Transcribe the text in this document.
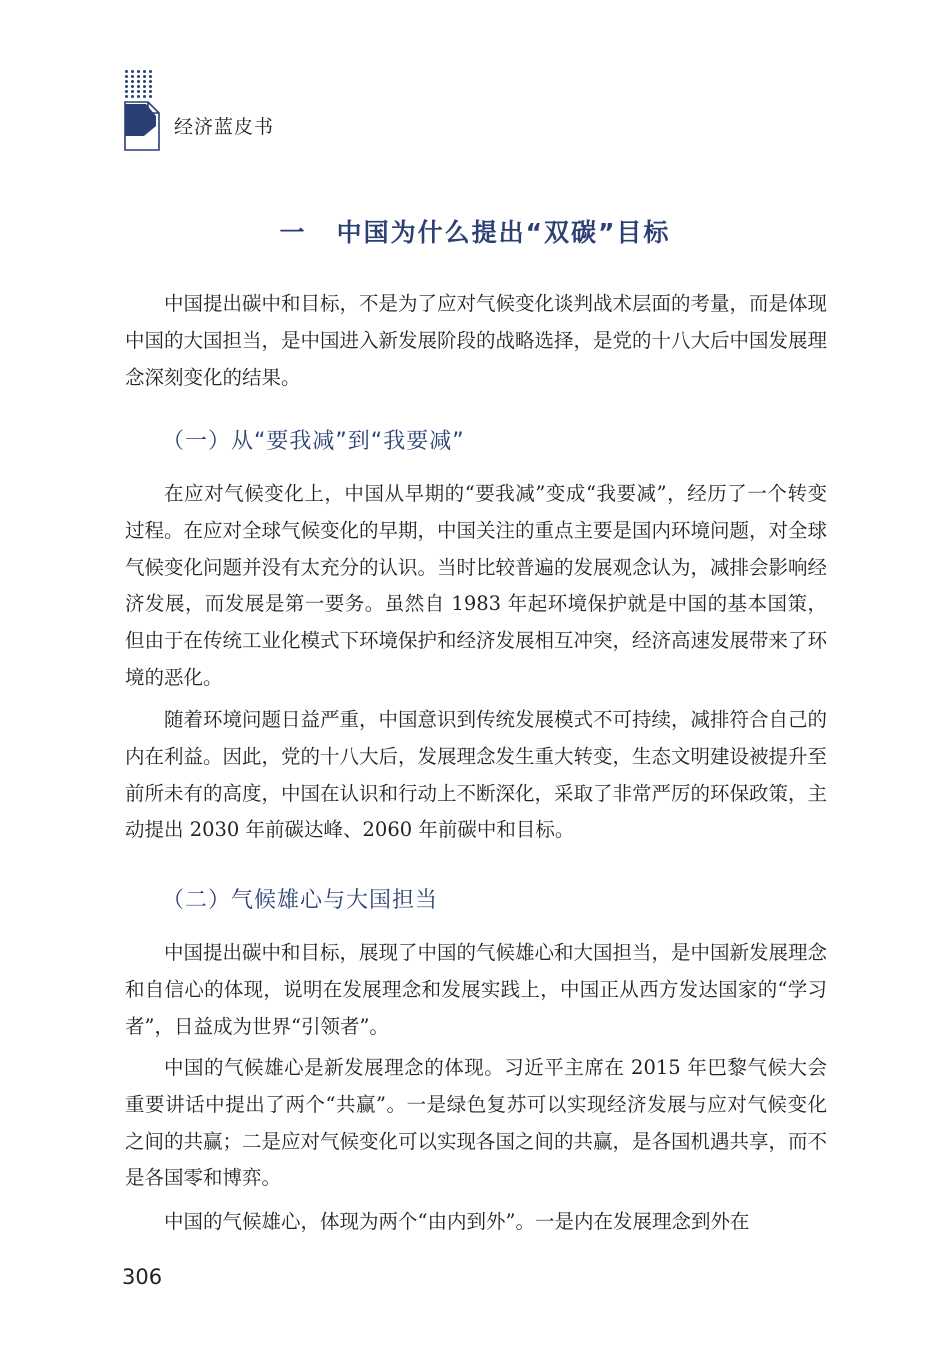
经济蓝皮书
一 中国为什么提出“双碳”目标

中国提出碳中和目标，不是为了应对气候变化谈判战术层面的考量，而是体现中国的大国担当，是中国进入新发展阶段的战略选择，是党的十八大后中国发展理念深刻变化的结果。

（一）从“要我减”到“我要减”

在应对气候变化上，中国从早期的“要我减”变成“我要减”，经历了一个转变过程。在应对全球气候变化的早期，中国关注的重点主要是国内环境问题，对全球气候变化问题并没有太充分的认识。当时比较普遍的发展观念认为，减排会影响经济发展，而发展是第一要务。虽然自 1983 年起环境保护就是中国的基本国策，但由于在传统工业化模式下环境保护和经济发展相互冲突，经济高速发展带来了环境的恶化。

随着环境问题日益严重，中国意识到传统发展模式不可持续，减排符合自己的内在利益。因此，党的十八大后，发展理念发生重大转变，生态文明建设被提升至前所未有的高度，中国在认识和行动上不断深化，采取了非常严厉的环保政策，主动提出 2030 年前碳达峰、2060 年前碳中和目标。

（二）气候雄心与大国担当

中国提出碳中和目标，展现了中国的气候雄心和大国担当，是中国新发展理念和自信心的体现，说明在发展理念和发展实践上，中国正从西方发达国家的“学习者”，日益成为世界“引领者”。

中国的气候雄心是新发展理念的体现。习近平主席在 2015 年巴黎气候大会重要讲话中提出了两个“共赢”。一是绿色复苏可以实现经济发展与应对气候变化之间的共赢；二是应对气候变化可以实现各国之间的共赢，是各国机遇共享，而不是各国零和博弈。

中国的气候雄心，体现为两个“由内到外”。一是内在发展理念到外在

306
